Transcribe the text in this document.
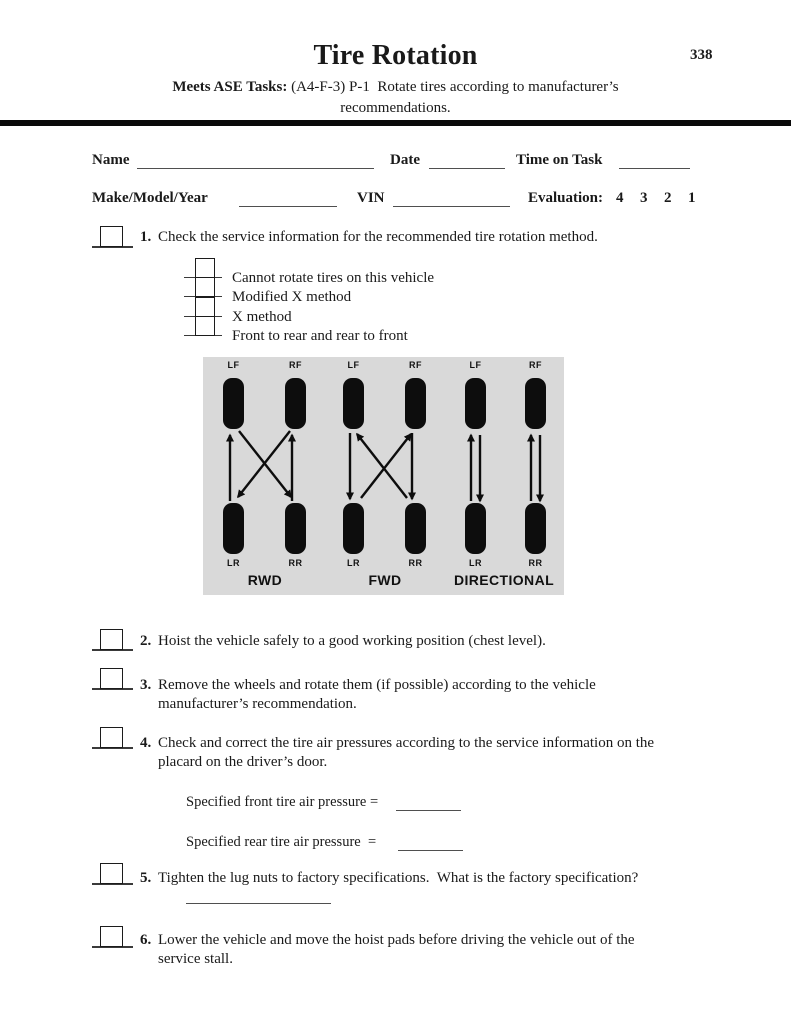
Tire Rotation	338
Meets ASE Tasks: (A4-F-3) P-1  Rotate tires according to manufacturer’s
recommendations.
Name	Date	Time on Task
Make/Model/Year	VIN	Evaluation: 4 3 2 1
1. Check the service information for the recommended tire rotation method.
Cannot rotate tires on this vehicle
Modified X method
X method
Front to rear and rear to front
LF	RF
LR	RR
LF	RF
LR	RR
LF	RF
LR	RR
RWD	FWD	DIRECTIONAL
2. Hoist the vehicle safely to a good working position (chest level).
3. Remove the wheels and rotate them (if possible) according to the vehicle
manufacturer’s recommendation.
4. Check and correct the tire air pressures according to the service information on the
placard on the driver’s door.
Specified front tire air pressure =
Specified rear tire air pressure  =
5. Tighten the lug nuts to factory specifications.  What is the factory specification?
6. Lower the vehicle and move the hoist pads before driving the vehicle out of the
service stall.
